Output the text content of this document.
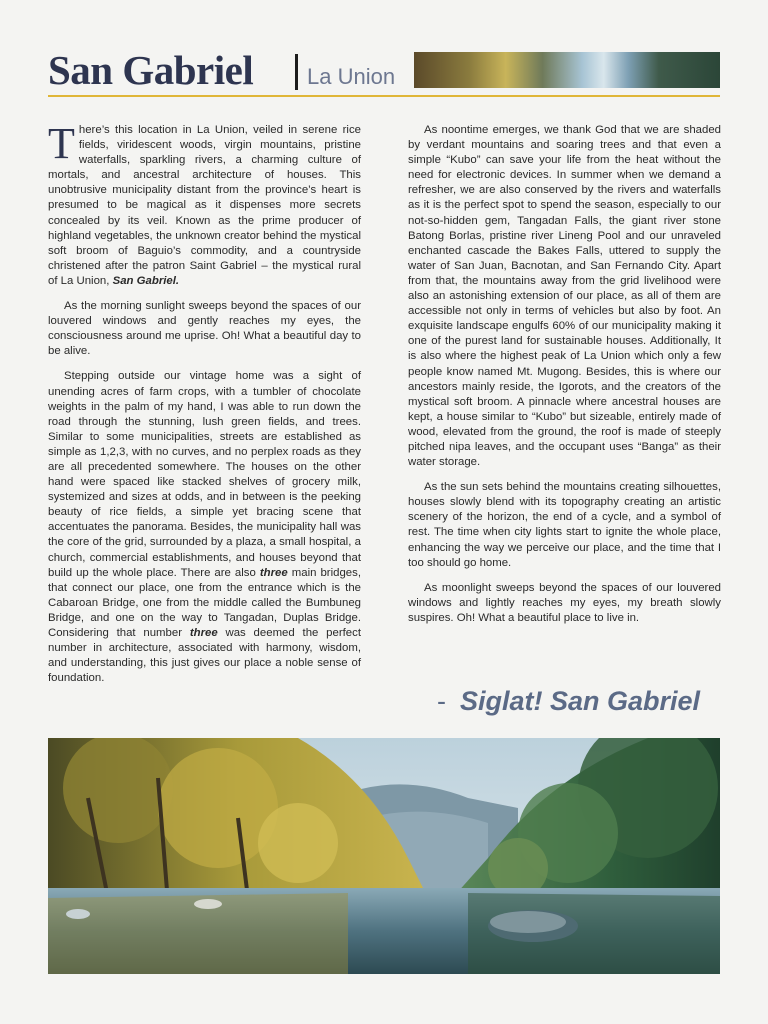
San Gabriel La Union

There’s this location in La Union, veiled in serene rice fields, viridescent woods, virgin mountains, pristine waterfalls, sparkling rivers, a charming culture of mortals, and ancestral architecture of houses. This unobtrusive municipality distant from the province’s heart is presumed to be magical as it dispenses more secrets concealed by its veil. Known as the prime producer of highland vegetables, the unknown creator behind the mystical soft broom of Baguio’s commodity, and a countryside christened after the patron Saint Gabriel – the mystical rural of La Union, San Gabriel.

As the morning sunlight sweeps beyond the spaces of our louvered windows and gently reaches my eyes, the consciousness around me uprise. Oh! What a beautiful day to be alive.

Stepping outside our vintage home was a sight of unending acres of farm crops, with a tumbler of chocolate weights in the palm of my hand, I was able to run down the road through the stunning, lush green fields, and trees. Similar to some municipalities, streets are established as simple as 1,2,3, with no curves, and no perplex roads as they are all precedented somewhere. The houses on the other hand were spaced like stacked shelves of grocery milk, systemized and sizes at odds, and in between is the peeking beauty of rice fields, a simple yet bracing scene that accentuates the panorama. Besides, the municipality hall was the core of the grid, surrounded by a plaza, a small hospital, a church, commercial establishments, and houses beyond that build up the whole place. There are also three main bridges, that connect our place, one from the entrance which is the Cabaroan Bridge, one from the middle called the Bumbuneg Bridge, and one on the way to Tangadan, Duplas Bridge. Considering that number three was deemed the perfect number in architecture, associated with harmony, wisdom, and understanding, this just gives our place a noble sense of foundation.

As noontime emerges, we thank God that we are shaded by verdant mountains and soaring trees and that even a simple “Kubo” can save your life from the heat without the need for electronic devices. In summer when we demand a refresher, we are also conserved by the rivers and waterfalls as it is the perfect spot to spend the season, especially to our not-so-hidden gem, Tangadan Falls, the giant river stone Batong Borlas, pristine river Lineng Pool and our unraveled enchanted cascade the Bakes Falls, uttered to supply the water of San Juan, Bacnotan, and San Fernando City. Apart from that, the mountains away from the grid livelihood were also an astonishing extension of our place, as all of them are accessible not only in terms of vehicles but also by foot. An exquisite landscape engulfs 60% of our municipality making it one of the purest land for sustainable houses. Additionally, It is also where the highest peak of La Union which only a few people know named Mt. Mugong. Besides, this is where our ancestors mainly reside, the Igorots, and the creators of the mystical soft broom. A pinnacle where ancestral houses are kept, a house similar to “Kubo” but sizeable, entirely made of wood, elevated from the ground, the roof is made of steeply pitched nipa leaves, and the occupant uses “Banga” as their water storage.

As the sun sets behind the mountains creating silhouettes, houses slowly blend with its topography creating an artistic scenery of the horizon, the end of a cycle, and a symbol of rest. The time when city lights start to ignite the whole place, enhancing the way we perceive our place, and the time that I too should go home.

As moonlight sweeps beyond the spaces of our louvered windows and lightly reaches my eyes, my breath slowly suspires. Oh! What a beautiful place to live in.

- Siglat! San Gabriel
